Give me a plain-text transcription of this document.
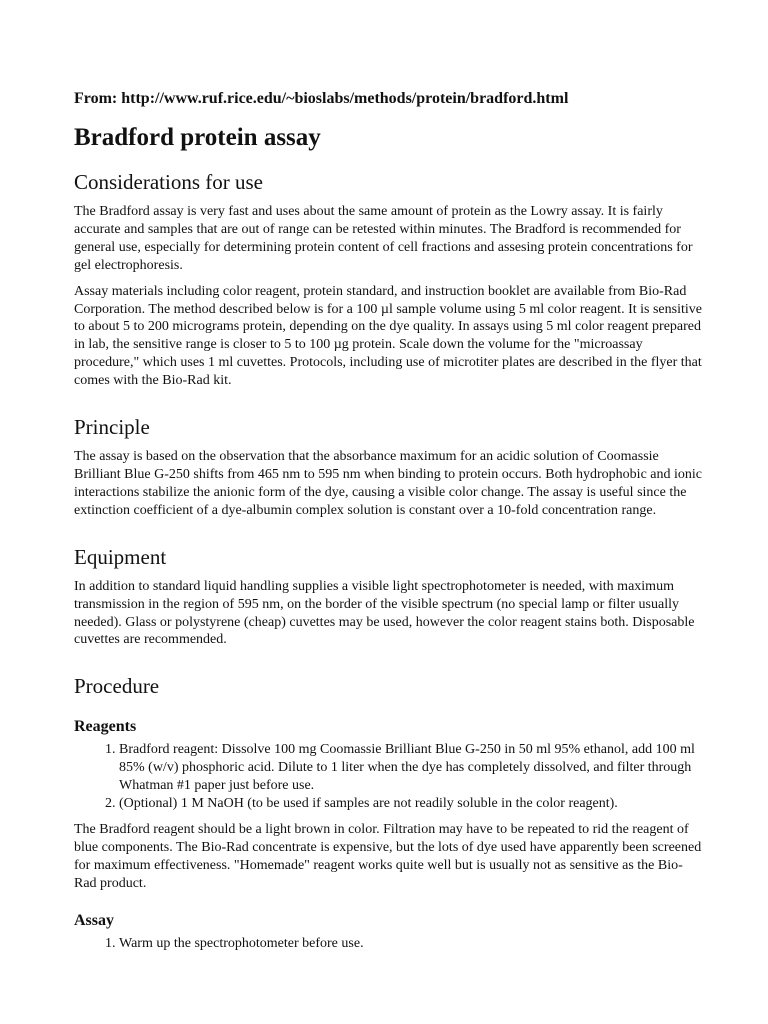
From: http://www.ruf.rice.edu/~bioslabs/methods/protein/bradford.html
Bradford protein assay
Considerations for use

The Bradford assay is very fast and uses about the same amount of protein as the Lowry assay. It is fairly accurate and samples that are out of range can be retested within minutes. The Bradford is recommended for general use, especially for determining protein content of cell fractions and assesing protein concentrations for gel electrophoresis.

Assay materials including color reagent, protein standard, and instruction booklet are available from Bio-Rad Corporation. The method described below is for a 100 µl sample volume using 5 ml color reagent. It is sensitive to about 5 to 200 micrograms protein, depending on the dye quality. In assays using 5 ml color reagent prepared in lab, the sensitive range is closer to 5 to 100 µg protein. Scale down the volume for the "microassay procedure," which uses 1 ml cuvettes. Protocols, including use of microtiter plates are described in the flyer that comes with the Bio-Rad kit.

Principle

The assay is based on the observation that the absorbance maximum for an acidic solution of Coomassie Brilliant Blue G-250 shifts from 465 nm to 595 nm when binding to protein occurs. Both hydrophobic and ionic interactions stabilize the anionic form of the dye, causing a visible color change. The assay is useful since the extinction coefficient of a dye-albumin complex solution is constant over a 10-fold concentration range.

Equipment

In addition to standard liquid handling supplies a visible light spectrophotometer is needed, with maximum transmission in the region of 595 nm, on the border of the visible spectrum (no special lamp or filter usually needed). Glass or polystyrene (cheap) cuvettes may be used, however the color reagent stains both. Disposable cuvettes are recommended.

Procedure
Reagents
1. Bradford reagent: Dissolve 100 mg Coomassie Brilliant Blue G-250 in 50 ml 95% ethanol, add 100 ml 85% (w/v) phosphoric acid. Dilute to 1 liter when the dye has completely dissolved, and filter through Whatman #1 paper just before use.
2. (Optional) 1 M NaOH (to be used if samples are not readily soluble in the color reagent).

The Bradford reagent should be a light brown in color. Filtration may have to be repeated to rid the reagent of blue components. The Bio-Rad concentrate is expensive, but the lots of dye used have apparently been screened for maximum effectiveness. "Homemade" reagent works quite well but is usually not as sensitive as the Bio-Rad product.

Assay
1. Warm up the spectrophotometer before use.
